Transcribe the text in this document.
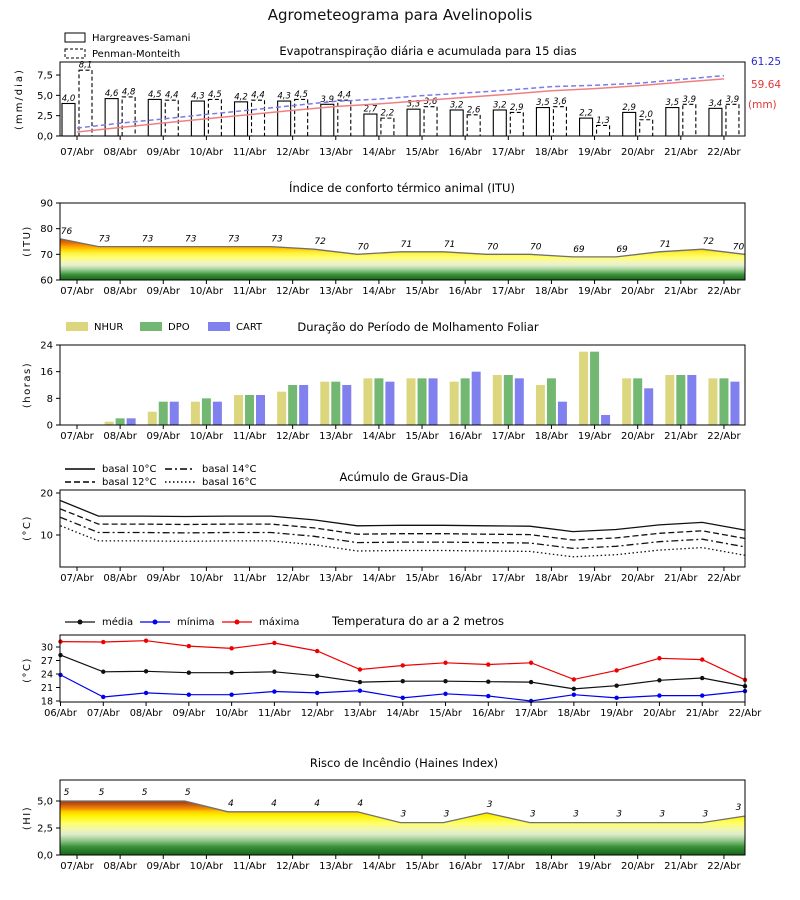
Agrometeograma para Avelinopolis
Hargreaves-Samani
Penman-Monteith	Evapotranspiração diária e acumulada para 15 dias
(mm/dia)
0,0
2,5
5,0
7,5
4,0
8,1
4,6 4,8 4,5 4,4 4,3 4,5 4,2 4,4 4,3 4,5 3,9 4,4
2,7 2,2
3,3 3,6 3,2 2,6 3,2 2,9 3,5 3,6
2,2
1,3
2,9
2,0
3,5 3,9 3,4 3,9
61.25
59.64
(mm)
07/Abr 08/Abr 09/Abr 10/Abr 11/Abr 12/Abr 13/Abr 14/Abr 15/Abr 16/Abr 17/Abr 18/Abr 19/Abr 20/Abr 21/Abr 22/Abr
Índice de conforto térmico animal (ITU)
76
73	73	73	73	73	72
70	71	71	70	70	69	69
71	72
70
(ITU)
60
70
80
90
07/Abr 08/Abr 09/Abr 10/Abr 11/Abr 12/Abr 13/Abr 14/Abr 15/Abr 16/Abr 17/Abr 18/Abr 19/Abr 20/Abr 21/Abr 22/Abr
NHUR	DPO	CART	Duração do Período de Molhamento Foliar
(horas)
0
8
16
24
07/Abr 08/Abr 09/Abr 10/Abr 11/Abr 12/Abr 13/Abr 14/Abr 15/Abr 16/Abr 17/Abr 18/Abr 19/Abr 20/Abr 21/Abr 22/Abr
basal 10°C
basal 12°C
basal 14°C
basal 16°C	Acúmulo de Graus-Dia
(°C) 10
20
07/Abr 08/Abr 09/Abr 10/Abr 11/Abr 12/Abr 13/Abr 14/Abr 15/Abr 16/Abr 17/Abr 18/Abr 19/Abr 20/Abr 21/Abr 22/Abr
média	mínima	máxima	Temperatura do ar a 2 metros
(°C)
18
21
24
27
30
06/Abr 07/Abr 08/Abr 09/Abr 10/Abr 11/Abr 12/Abr 13/Abr 14/Abr 15/Abr 16/Abr 17/Abr 18/Abr 19/Abr 20/Abr 21/Abr 22/Abr
Risco de Incêndio (Haines Index)
5	5	5	5
4	4	4	4
3	3
3
3	3	3	3	3
3
(HI)
0,0
2,5
5,0
07/Abr 08/Abr 09/Abr 10/Abr 11/Abr 12/Abr 13/Abr 14/Abr 15/Abr 16/Abr 17/Abr 18/Abr 19/Abr 20/Abr 21/Abr 22/Abr
